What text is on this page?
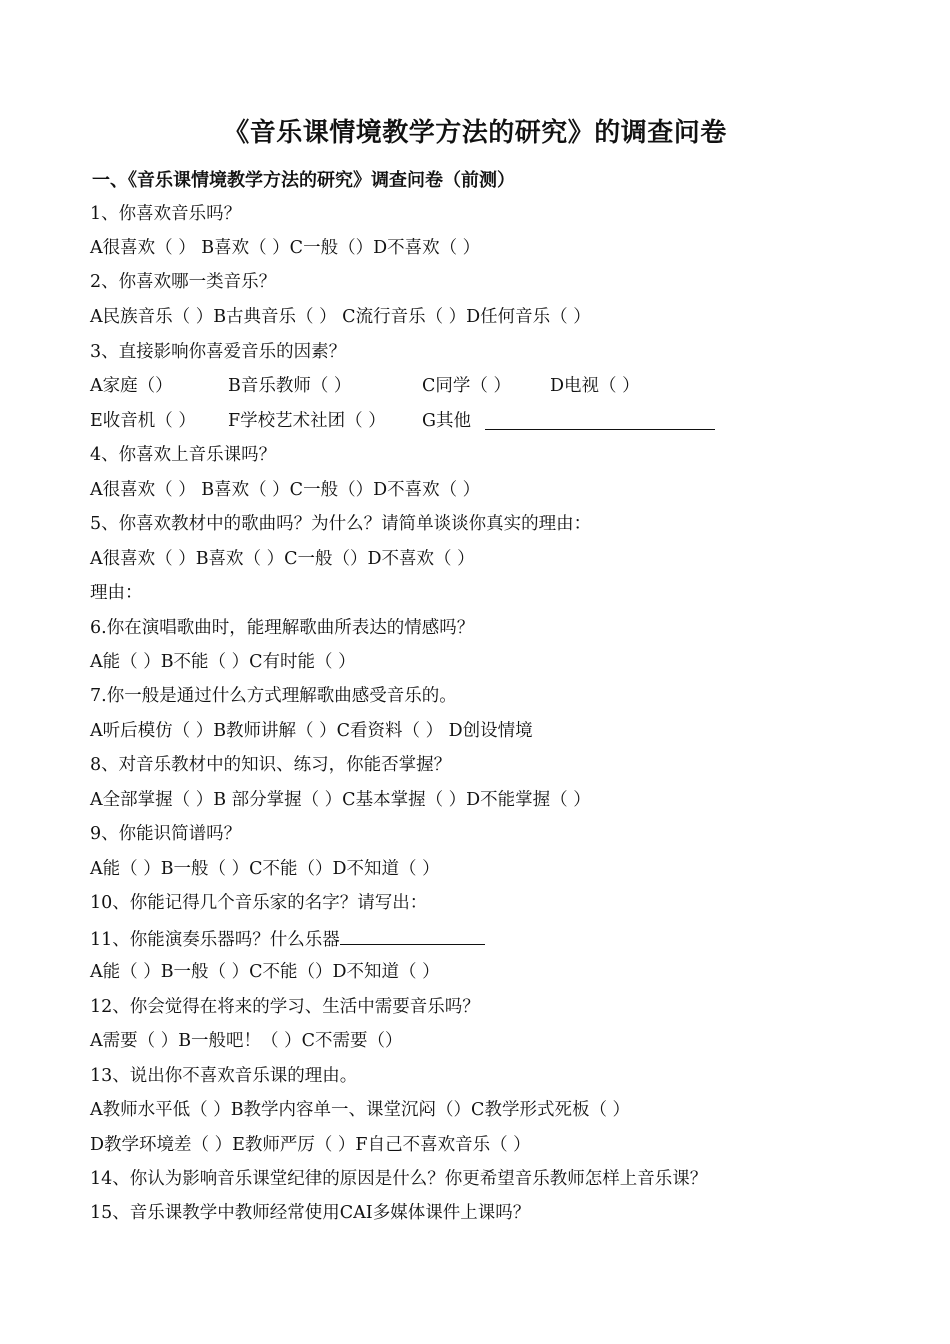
《音乐课情境教学方法的研究》的调查问卷
一、《音乐课情境教学方法的研究》调查问卷（前测）
1、你喜欢音乐吗？
A很喜欢（ ） B喜欢（ ）C一般（）D不喜欢（ ）
2、你喜欢哪一类音乐？
A民族音乐（ ）B古典音乐（ ） C流行音乐（ ）D任何音乐（ ）
3、直接影响你喜爱音乐的因素？
A家庭（）	B音乐教师（ ）	C同学（ ） D电视（ ）
E收音机（ ） F学校艺术社团（ ） G其他
4、你喜欢上音乐课吗？
A很喜欢（ ） B喜欢（ ）C一般（）D不喜欢（ ）
5、你喜欢教材中的歌曲吗？为什么？请简单谈谈你真实的理由：
A很喜欢（ ）B喜欢（ ）C一般（）D不喜欢（ ）
理由：
6.你在演唱歌曲时，能理解歌曲所表达的情感吗？
A能（ ）B不能（ ）C有时能（ ）
7.你一般是通过什么方式理解歌曲感受音乐的。
A听后模仿（ ）B教师讲解（ ）C看资料（ ） D创设情境
8、对音乐教材中的知识、练习，你能否掌握？
A全部掌握（ ）B 部分掌握（ ）C基本掌握（ ）D不能掌握（ ）
9、你能识简谱吗？
A能（ ）B一般（ ）C不能（）D不知道（ ）
10、你能记得几个音乐家的名字？请写出：
11、你能演奏乐器吗？什么乐器
A能（ ）B一般（ ）C不能（）D不知道（ ）
12、你会觉得在将来的学习、生活中需要音乐吗？
A需要（ ）B一般吧！（ ）C不需要（）
13、说出你不喜欢音乐课的理由。
A教师水平低（ ）B教学内容单一、课堂沉闷（）C教学形式死板（ ）
D教学环境差（ ）E教师严厉（ ）F自己不喜欢音乐（ ）
14、你认为影响音乐课堂纪律的原因是什么？你更希望音乐教师怎样上音乐课？
15、音乐课教学中教师经常使用CAI多媒体课件上课吗？
